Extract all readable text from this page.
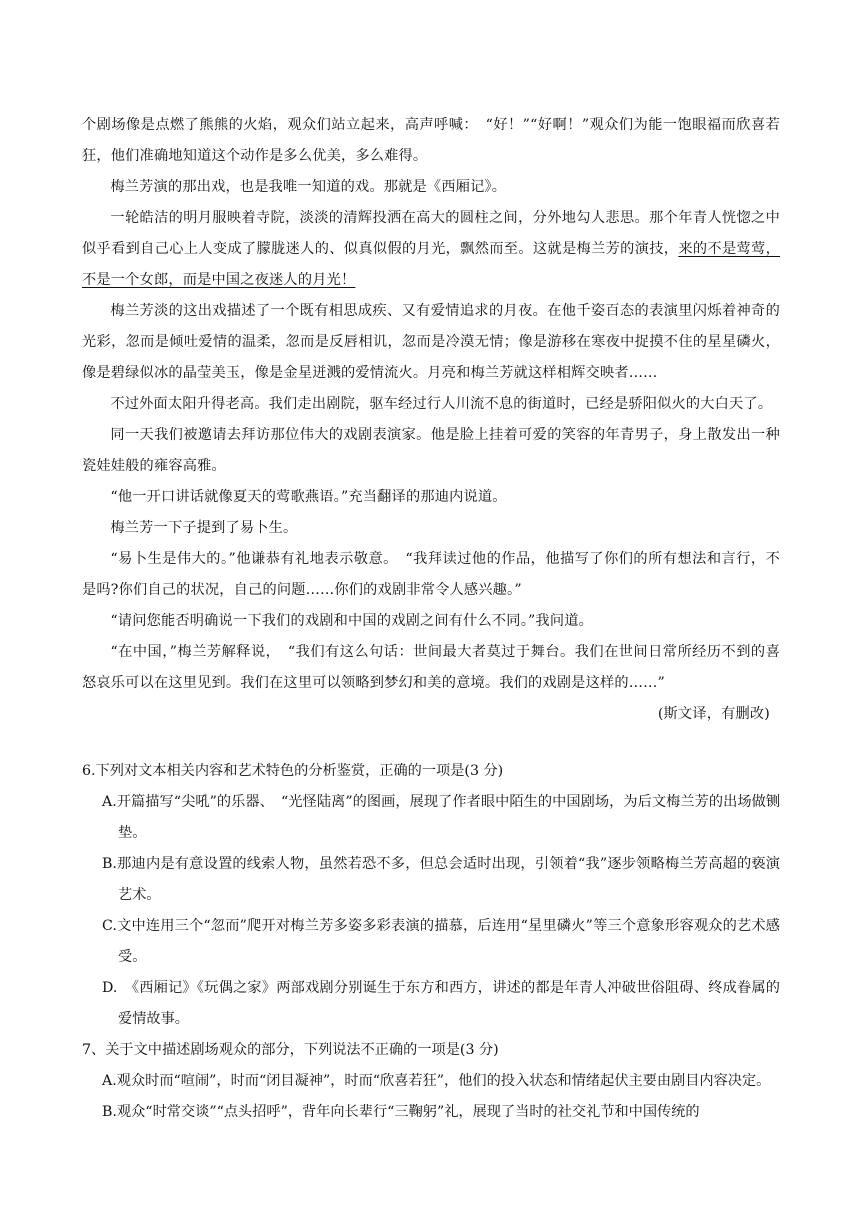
个剧场像是点燃了熊熊的火焰，观众们站立起来，高声呼喊：　“好！”“好啊！”观众们为能一饱眼福而欣喜若狂，他们准确地知道这个动作是多么优美，多么难得。

梅兰芳演的那出戏，也是我唯一知道的戏。那就是《西厢记》。

一轮皓洁的明月服映着寺院，淡淡的清辉投洒在高大的圆柱之间，分外地勾人悲思。那个年青人恍惚之中似乎看到自己心上人变成了朦胧迷人的、似真似假的月光，飘然而至。这就是梅兰芳的演技，来的不是莺莺，不是一个女郎，而是中国之夜迷人的月光！

梅兰芳淡的这出戏描述了一个既有相思成疾、又有爱情追求的月夜。在他千姿百态的表演里闪烁着神奇的光彩，忽而是倾吐爱情的温柔，忽而是反唇相讥，忽而是冷漠无情；像是游移在寒夜中捉摸不住的星星磷火，像是碧绿似冰的晶莹美玉，像是金星迸溅的爱情流火。月亮和梅兰芳就这样相辉交映者……

不过外面太阳升得老高。我们走出剧院，驱车经过行人川流不息的街道时，已经是骄阳似火的大白天了。

同一天我们被邀请去拜访那位伟大的戏剧表演家。他是脸上挂着可爱的笑容的年青男子，身上散发出一种瓷娃娃般的雍容高雅。

“他一开口讲话就像夏天的莺歌燕语。”充当翻译的那迪内说道。

梅兰芳一下子提到了易卜生。

“易卜生是伟大的。”他谦恭有礼地表示敬意。　“我拜读过他的作品，他描写了你们的所有想法和言行，不是吗?你们自己的状况，自己的问题……你们的戏剧非常令人感兴趣。”

“请问您能否明确说一下我们的戏剧和中国的戏剧之间有什么不同。”我问道。

“在中国，”梅兰芳解释说，　“我们有这么句话：世间最大者莫过于舞台。我们在世间日常所经历不到的喜怒哀乐可以在这里见到。我们在这里可以领略到梦幻和美的意境。我们的戏剧是这样的……”

(斯文译，有删改)

6.下列对文本相关内容和艺术特色的分析鉴赏，正确的一项是(3 分)

A.开篇描写“尖吼”的乐器、　“光怪陆离”的图画，展现了作者眼中陌生的中国剧场，为后文梅兰芳的出场做铡垫。

B.那迪内是有意设置的线索人物，虽然若恐不多，但总会适时出现，引领着“我”逐步领略梅兰芳高超的亵演艺术。

C.文中连用三个“忽而”爬开对梅兰芳多姿多彩表演的描慕，后连用“星里磷火”等三个意象形容观众的艺术感受。

D.　《西厢记》《玩偶之家》两部戏剧分别诞生于东方和西方，讲述的都是年青人冲破世俗阻碍、终成眷属的爱情故事。

7、关于文中描述剧场观众的部分，下列说法不正确的一项是(3 分)

A.观众时而“喧闹”，时而“闭目凝神”，时而“欣喜若狂”，他们的投入状态和情绪起伏主要由剧目内容决定。

B.观众“时常交谈”“点头招呼”，背年向长辈行“三鞠躬”礼，展现了当时的社交礼节和中国传统的
